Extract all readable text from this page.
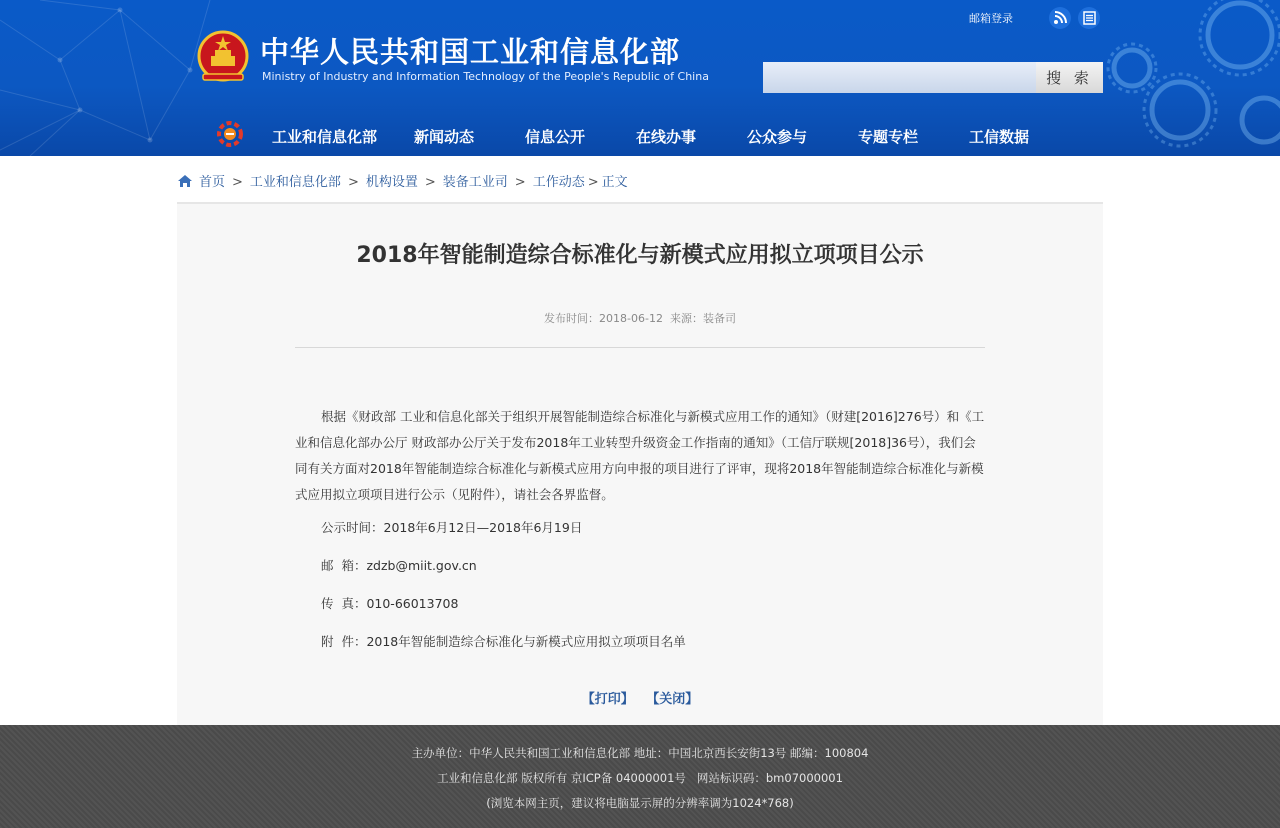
中华人民共和国工业和信息化部
Ministry of Industry and Information Technology of the People's Republic of China
邮箱登录
搜 索
工业和信息化部 新闻动态	信息公开	在线办事	公众参与	专题专栏	工信数据
首页 > 工业和信息化部 > 机构设置 > 装备工业司 > 工作动态 > 正文
2018年智能制造综合标准化与新模式应用拟立项项目公示
发布时间：2018-06-12  来源：装备司
根据《财政部 工业和信息化部关于组织开展智能制造综合标准化与新模式应用工作的通知》（财建[2016]276号）和《工业和信息化部办公厅 财政部办公厅关于发布2018年工业转型升级资金工作指南的通知》（工信厅联规[2018]36号），我们会同有关方面对2018年智能制造综合标准化与新模式应用方向申报的项目进行了评审，现将2018年智能制造综合标准化与新模式应用拟立项项目进行公示（见附件），请社会各界监督。
公示时间：2018年6月12日—2018年6月19日
邮  箱：zdzb@miit.gov.cn
传  真：010-66013708
附  件：2018年智能制造综合标准化与新模式应用拟立项项目名单
【打印】 【关闭】
主办单位：中华人民共和国工业和信息化部 地址：中国北京西长安街13号 邮编：100804
工业和信息化部 版权所有 京ICP备 04000001号   网站标识码：bm07000001
(浏览本网主页，建议将电脑显示屏的分辨率调为1024*768)
